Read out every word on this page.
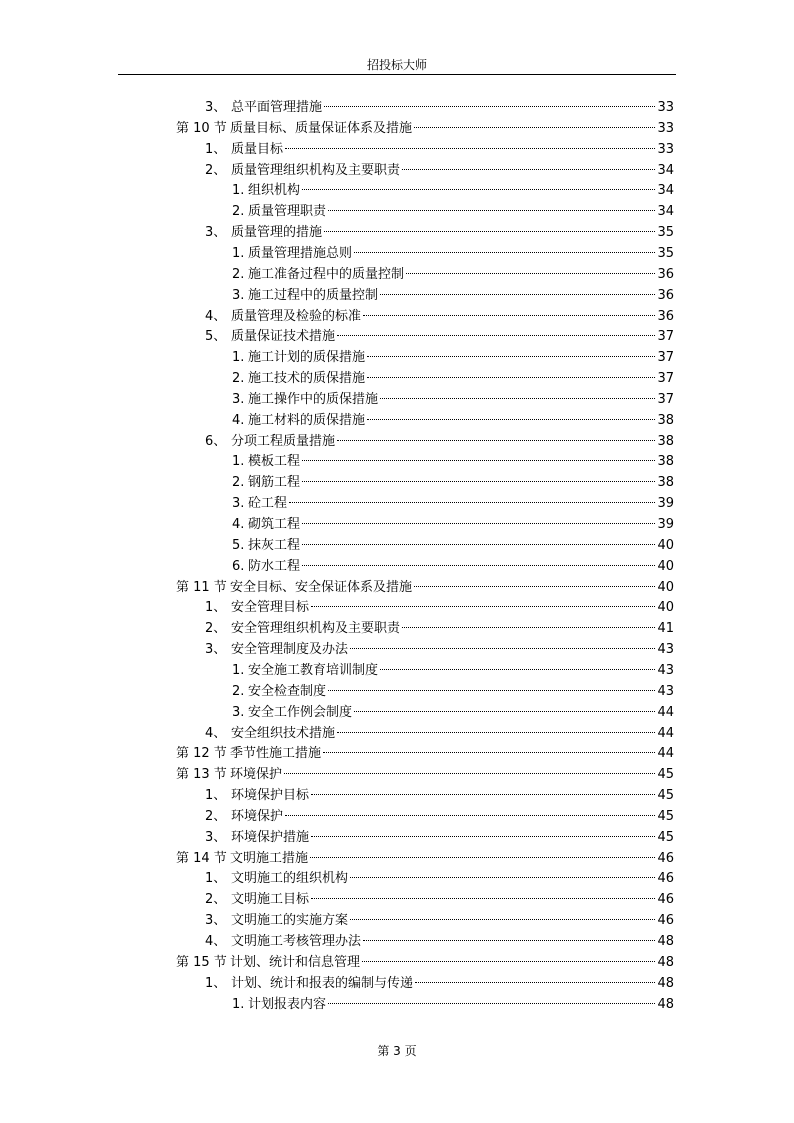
招投标大师
3、 总平面管理措施	33
第 10 节 质量目标、质量保证体系及措施	33
1、 质量目标	33
2、 质量管理组织机构及主要职责	34
1. 组织机构	34
2. 质量管理职责	34
3、 质量管理的措施	35
1. 质量管理措施总则	35
2. 施工准备过程中的质量控制	36
3. 施工过程中的质量控制	36
4、 质量管理及检验的标准	36
5、 质量保证技术措施	37
1. 施工计划的质保措施	37
2. 施工技术的质保措施	37
3. 施工操作中的质保措施	37
4. 施工材料的质保措施	38
6、 分项工程质量措施	38
1. 模板工程	38
2. 钢筋工程	38
3. 砼工程	39
4. 砌筑工程	39
5. 抹灰工程	40
6. 防水工程	40
第 11 节 安全目标、安全保证体系及措施	40
1、 安全管理目标	40
2、 安全管理组织机构及主要职责	41
3、 安全管理制度及办法	43
1. 安全施工教育培训制度	43
2. 安全检查制度	43
3. 安全工作例会制度	44
4、 安全组织技术措施	44
第 12 节 季节性施工措施	44
第 13 节 环境保护	45
1、 环境保护目标	45
2、 环境保护	45
3、 环境保护措施	45
第 14 节 文明施工措施	46
1、 文明施工的组织机构	46
2、 文明施工目标	46
3、 文明施工的实施方案	46
4、 文明施工考核管理办法	48
第 15 节 计划、统计和信息管理	48
1、 计划、统计和报表的编制与传递	48
1. 计划报表内容	48
第 3 页
